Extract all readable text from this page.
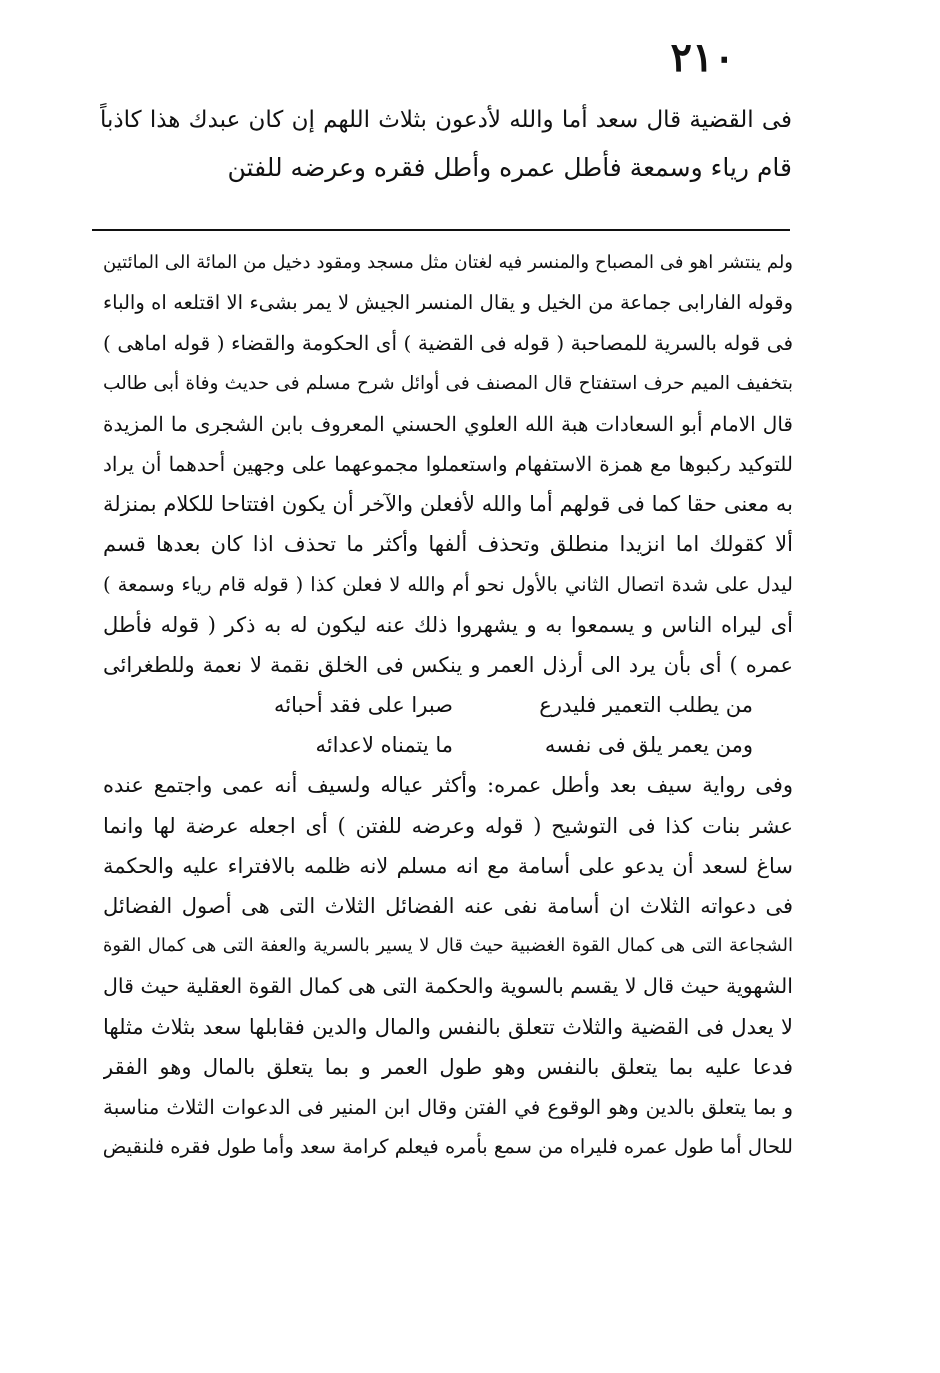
٢١٠
فى القضية قال سعد أما والله لأدعون بثلاث اللهم إن كان عبدك هذا كاذباً
قام رياء وسمعة فأطل عمره وأطل فقره وعرضه للفتن
ولم ينتشر اهو فى المصباح والمنسر فيه لغتان مثل مسجد ومقود دخيل من المائة الى المائتين
وقوله الفارابى جماعة من الخيل و يقال المنسر الجيش لا يمر بشىء الا اقتلعه اه والباء
فى قوله بالسرية للمصاحبة ( قوله فى القضية ) أى الحكومة والقضاء ( قوله اماهى )
بتخفيف الميم حرف استفتاح قال المصنف فى أوائل شرح مسلم فى حديث وفاة أبى طالب
قال الامام أبو السعادات هبة الله العلوي الحسني المعروف بابن الشجرى ما المزيدة
للتوكيد ركبوها مع همزة الاستفهام واستعملوا مجموعهما على وجهين أحدهما أن يراد
به معنى حقا كما فى قولهم أما والله لأفعلن والآخر أن يكون افتتاحا للكلام بمنزلة
ألا كقولك اما انزيدا منطلق وتحذف ألفها وأكثر ما تحذف اذا كان بعدها قسم
ليدل على شدة اتصال الثاني بالأول نحو أم والله لا فعلن كذا ( قوله قام رياء وسمعة )
أى ليراه الناس و يسمعوا به و يشهروا ذلك عنه ليكون له به ذكر ( قوله فأطل
عمره ) أى بأن يرد الى أرذل العمر و ينكس فى الخلق نقمة لا نعمة وللطغرائى
من يطلب التعمير فليدرع
صبرا على فقد أحبائه
ومن يعمر يلق فى نفسه
ما يتمناه لاعدائه
وفى رواية سيف بعد وأطل عمره: وأكثر عياله ولسيف أنه عمى واجتمع عنده
عشر بنات كذا فى التوشيح ( قوله وعرضه للفتن ) أى اجعله عرضة لها وانما
ساغ لسعد أن يدعو على أسامة مع انه مسلم لانه ظلمه بالافتراء عليه والحكمة
فى دعواته الثلاث ان أسامة نفى عنه الفضائل الثلاث التى هى أصول الفضائل
الشجاعة التى هى كمال القوة الغضبية حيث قال لا يسير بالسرية والعفة التى هى كمال القوة
الشهوية حيث قال لا يقسم بالسوية والحكمة التى هى كمال القوة العقلية حيث قال
لا يعدل فى القضية والثلاث تتعلق بالنفس والمال والدين فقابلها سعد بثلاث مثلها
فدعا عليه بما يتعلق بالنفس وهو طول العمر و بما يتعلق بالمال وهو الفقر
و بما يتعلق بالدين وهو الوقوع في الفتن وقال ابن المنير فى الدعوات الثلاث مناسبة
للحال أما طول عمره فليراه من سمع بأمره فيعلم كرامة سعد وأما طول فقره فلنقيض
